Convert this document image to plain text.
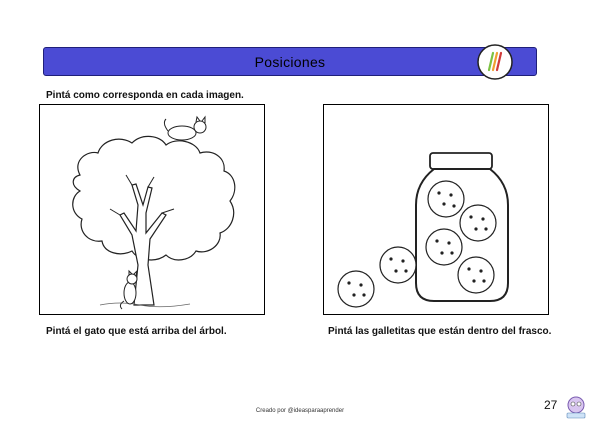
Posiciones
Pintá como corresponda en cada imagen.
Pintá el gato que está arriba del árbol.	Pintá las galletitas que están dentro del frasco.
Creado por @ideasparaaprender	27
